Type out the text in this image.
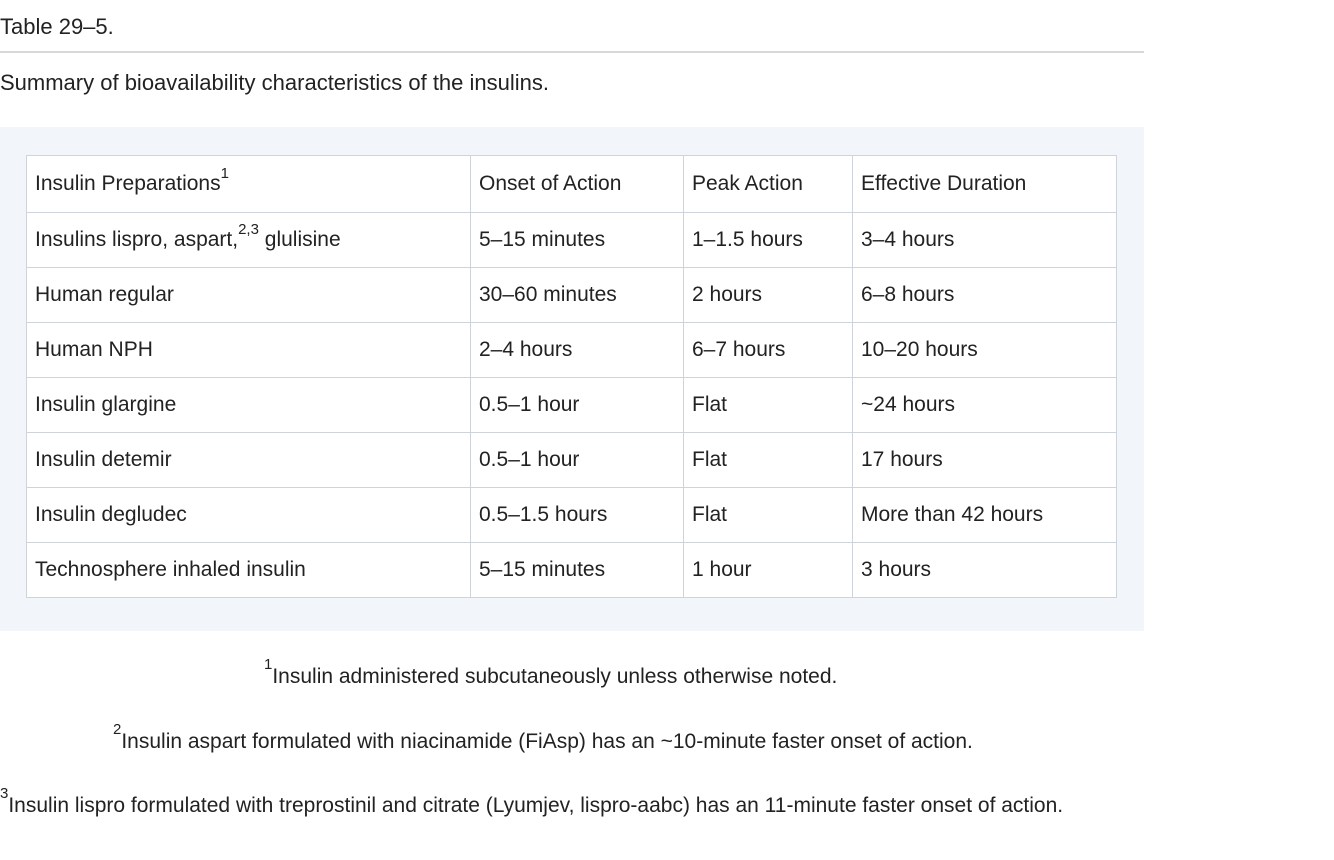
Table 29–5.
Summary of bioavailability characteristics of the insulins.
Insulin Preparations$^1$	Onset of Action	Peak Action	Effective Duration
Insulins lispro, aspart,$^{2,3}$ glulisine	5–15 minutes	1–1.5 hours	3–4 hours
Human regular	30–60 minutes	2 hours	6–8 hours
Human NPH	2–4 hours	6–7 hours	10–20 hours
Insulin glargine	0.5–1 hour	Flat	~24 hours
Insulin detemir	0.5–1 hour	Flat	17 hours
Insulin degludec	0.5–1.5 hours	Flat	More than 42 hours
Technosphere inhaled insulin	5–15 minutes	1 hour	3 hours
$^1$Insulin administered subcutaneously unless otherwise noted.
$^2$Insulin aspart formulated with niacinamide (FiAsp) has an ~10-minute faster onset of action.
$^3$Insulin lispro formulated with treprostinil and citrate (Lyumjev, lispro-aabc) has an 11-minute faster onset of action.
